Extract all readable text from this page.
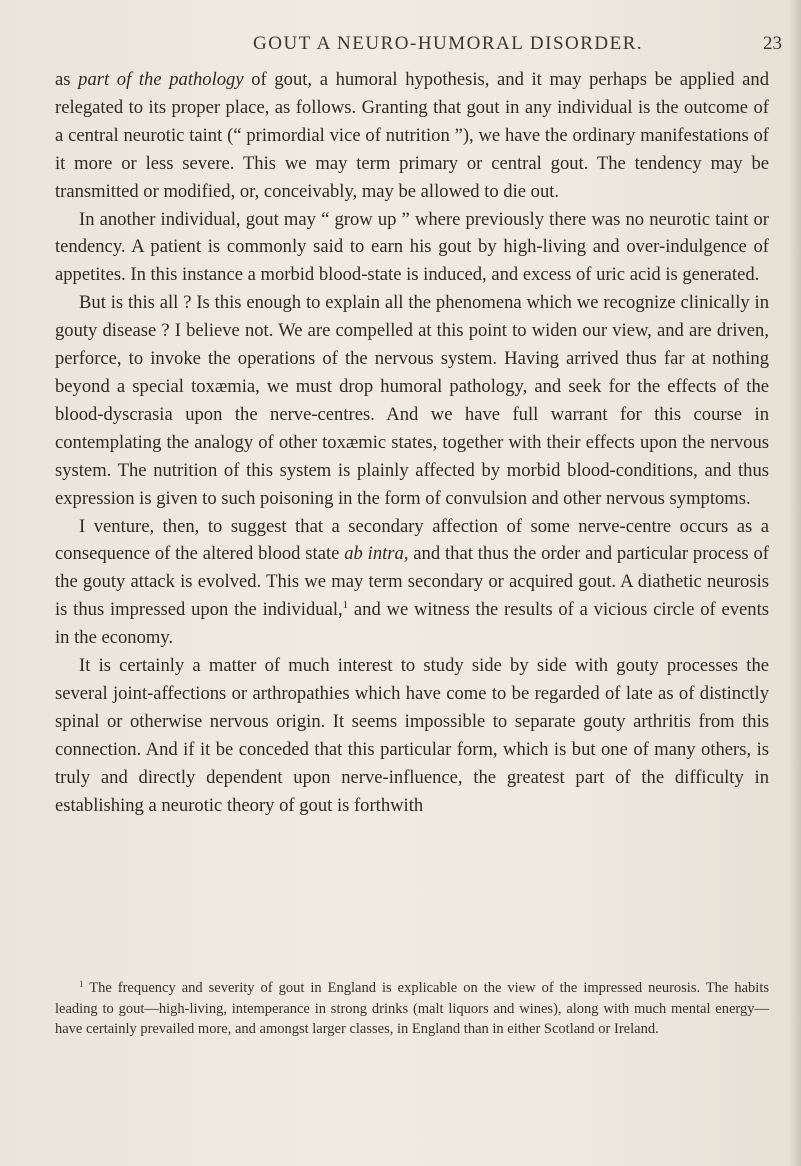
GOUT A NEURO-HUMORAL DISORDER.	23

as part of the pathology of gout, a humoral hypothesis, and it may perhaps be applied and relegated to its proper place, as follows. Granting that gout in any individual is the outcome of a central neurotic taint (“ primordial vice of nutrition ”), we have the ordinary manifestations of it more or less severe. This we may term primary or central gout. The tendency may be transmitted or modified, or, conceivably, may be allowed to die out.

In another individual, gout may “ grow up ” where previously there was no neurotic taint or tendency. A patient is commonly said to earn his gout by high-living and over-indulgence of appetites. In this instance a morbid blood-state is induced, and excess of uric acid is generated.

But is this all ? Is this enough to explain all the phenomena which we recognize clinically in gouty disease ? I believe not. We are compelled at this point to widen our view, and are driven, perforce, to invoke the operations of the nervous system. Having arrived thus far at nothing beyond a special toxæmia, we must drop humoral pathology, and seek for the effects of the blood-dyscrasia upon the nerve-centres. And we have full warrant for this course in contemplating the analogy of other toxæmic states, together with their effects upon the nervous system. The nutrition of this system is plainly affected by morbid blood-conditions, and thus expression is given to such poisoning in the form of convulsion and other nervous symptoms.

I venture, then, to suggest that a secondary affection of some nerve-centre occurs as a consequence of the altered blood state ab intra, and that thus the order and particular process of the gouty attack is evolved. This we may term secondary or acquired gout. A diathetic neurosis is thus impressed upon the individual,$^1$ and we witness the results of a vicious circle of events in the economy.

It is certainly a matter of much interest to study side by side with gouty processes the several joint-affections or arthropathies which have come to be regarded of late as of distinctly spinal or otherwise nervous origin. It seems impossible to separate gouty arthritis from this connection. And if it be conceded that this particular form, which is but one of many others, is truly and directly dependent upon nerve-influence, the greatest part of the difficulty in establishing a neurotic theory of gout is forthwith

$^1$ The frequency and severity of gout in England is explicable on the view of the impressed neurosis. The habits leading to gout—high-living, intemperance in strong drinks (malt liquors and wines), along with much mental energy—have certainly prevailed more, and amongst larger classes, in England than in either Scotland or Ireland.
